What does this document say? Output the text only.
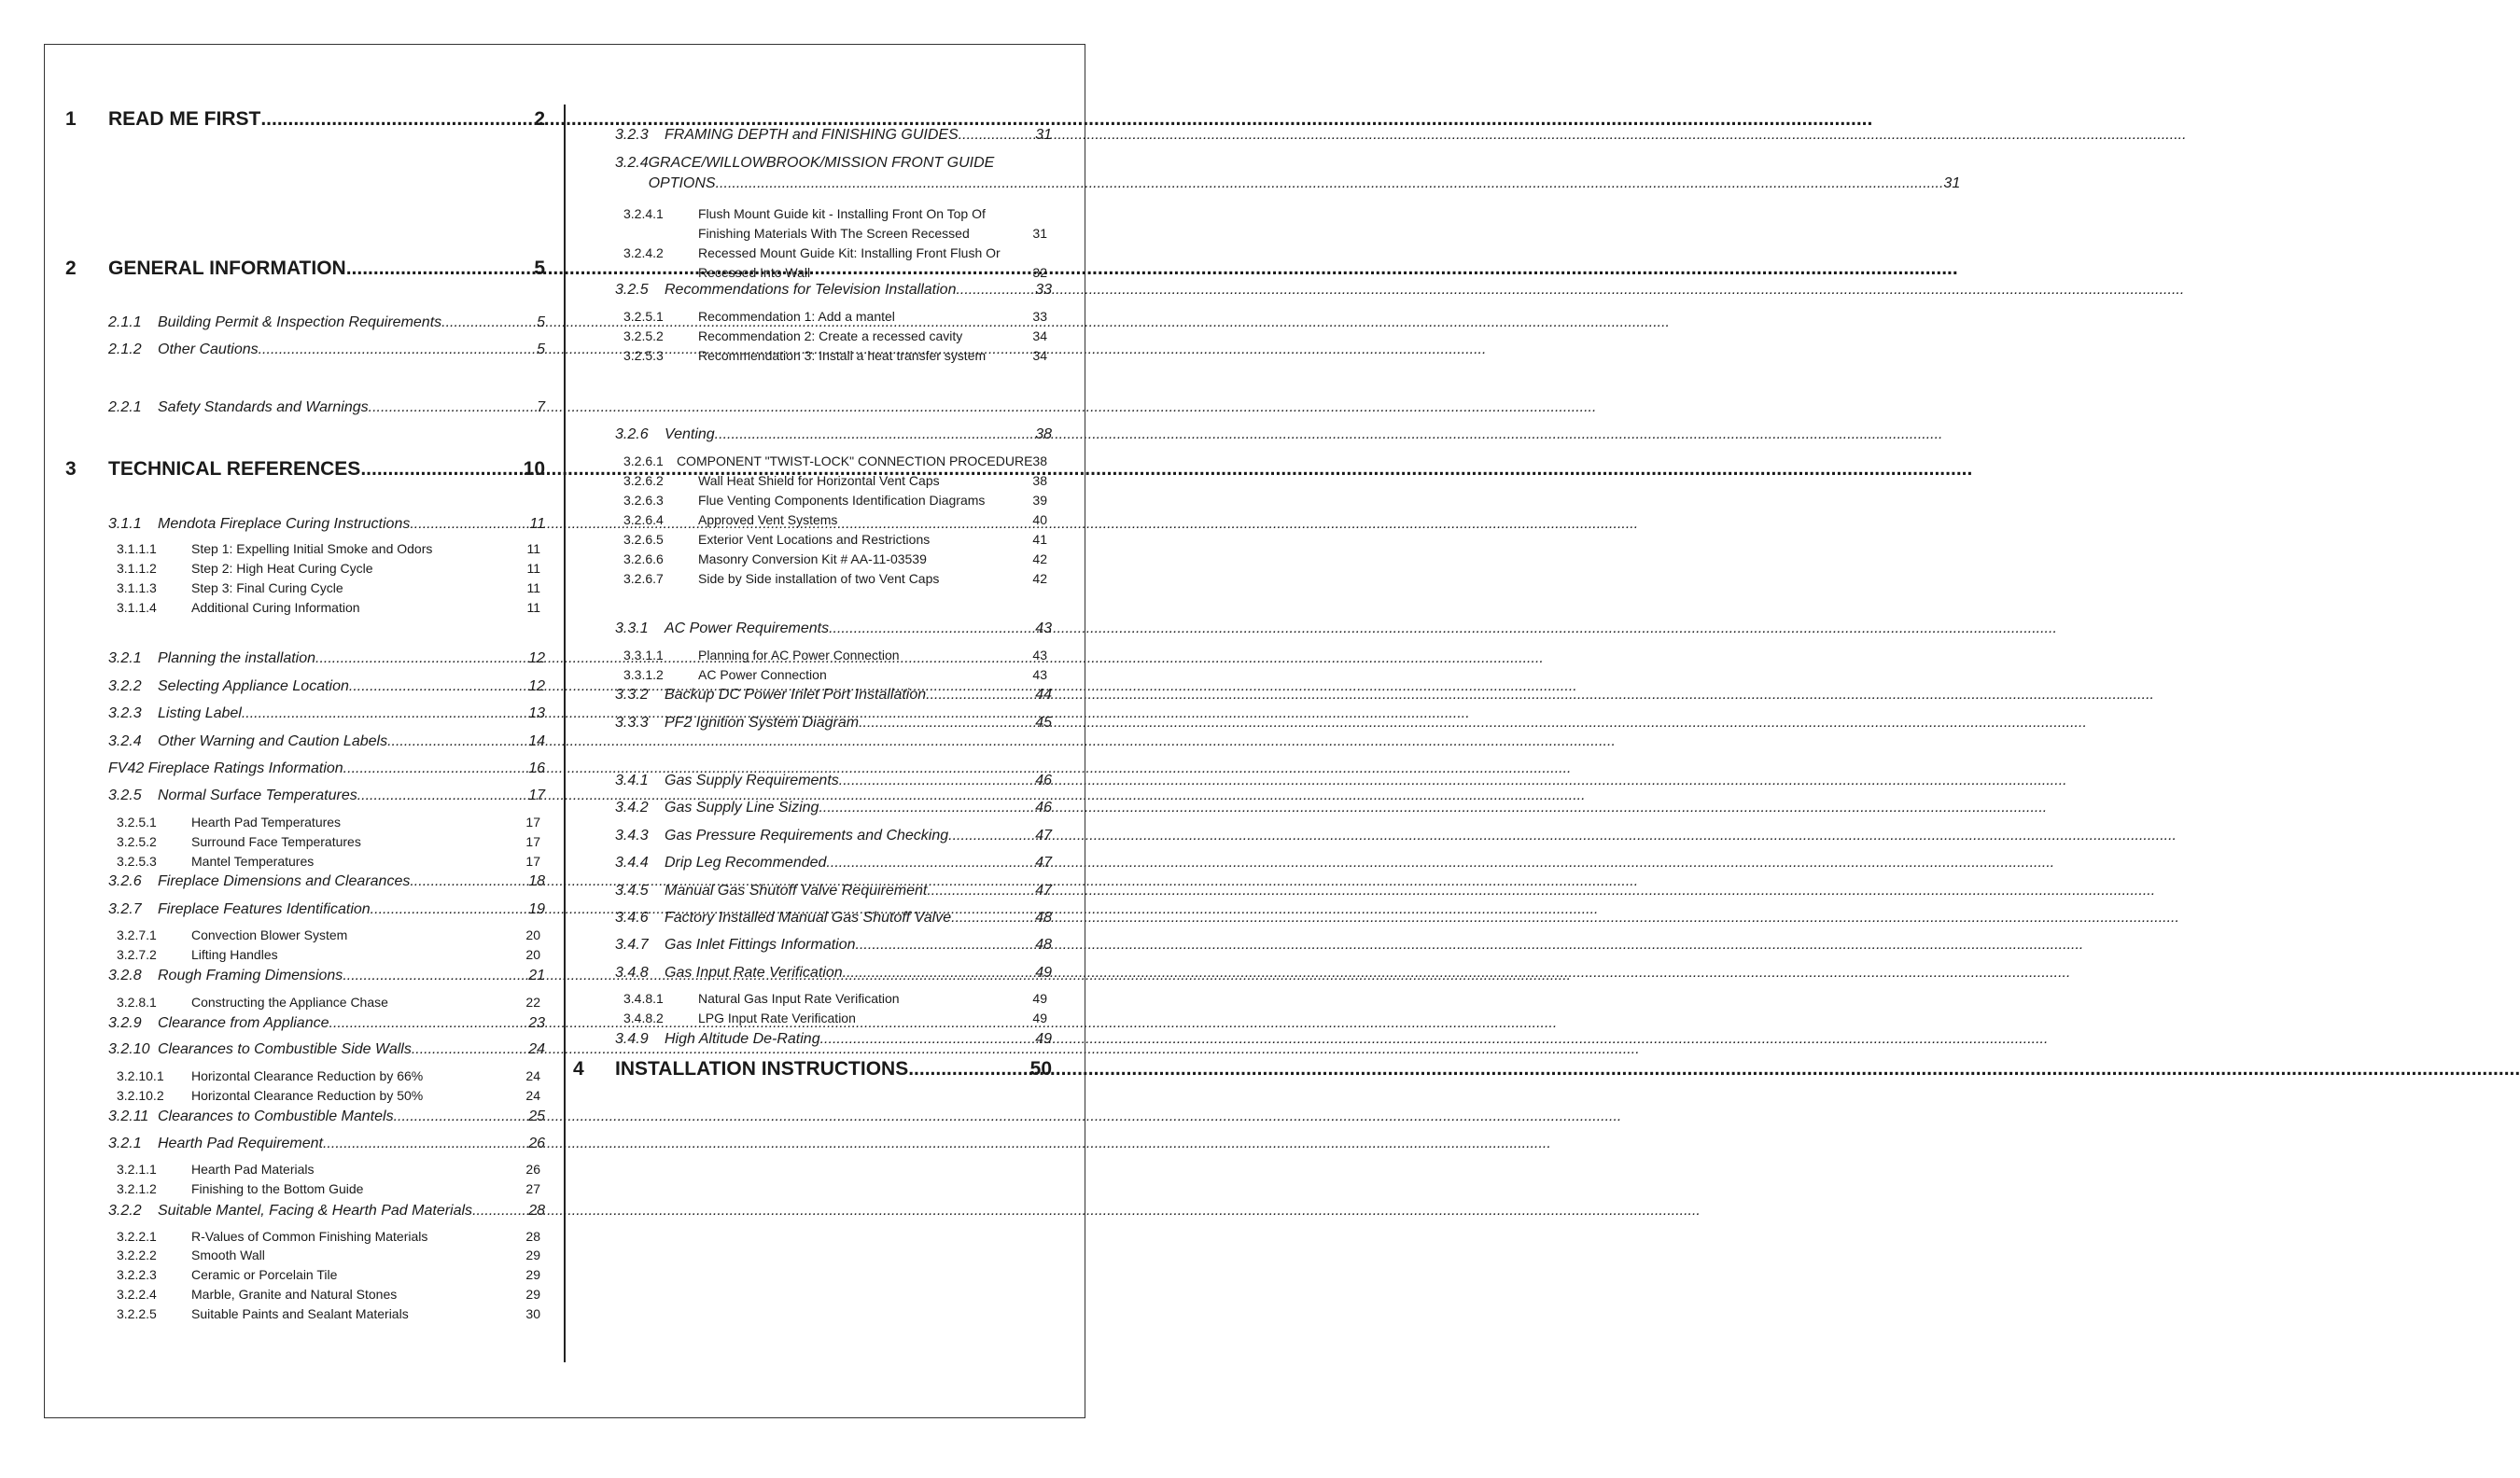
1 READ ME FIRST .....	2
2 GENERAL INFORMATION .....	5
2.1.1	Building Permit & Inspection Requirements .....	5
2.1.2	Other Cautions .....	5
2.2.1	Safety Standards and Warnings .....	7
3 TECHNICAL REFERENCES .....	10
3.1.1	Mendota Fireplace Curing Instructions .....	11
3.1.1.1	Step 1: Expelling Initial Smoke and Odors	11
3.1.1.2	Step 2: High Heat Curing Cycle	11
3.1.1.3	Step 3: Final Curing Cycle	11
3.1.1.4	Additional Curing Information	11
3.2.1	Planning the installation .....	12
3.2.2	Selecting Appliance Location .....	12
3.2.3	Listing Label .....	13
3.2.4	Other Warning and Caution Labels .....	14
FV42 Fireplace Ratings Information .....	16
3.2.5	Normal Surface Temperatures .....	17
3.2.5.1	Hearth Pad Temperatures	17
3.2.5.2	Surround Face Temperatures	17
3.2.5.3	Mantel Temperatures	17
3.2.6	Fireplace Dimensions and Clearances .....	18
3.2.7	Fireplace Features Identification .....	19
3.2.7.1	Convection Blower System	20
3.2.7.2	Lifting Handles	20
3.2.8	Rough Framing Dimensions .....	21
3.2.8.1	Constructing the Appliance Chase	22
3.2.9	Clearance from Appliance .....	23
3.2.10 Clearances to Combustible Side Walls .....	24
3.2.10.1	Horizontal Clearance Reduction by 66%	24
3.2.10.2	Horizontal Clearance Reduction by 50%	24
3.2.11 Clearances to Combustible Mantels .....	25
3.2.1	Hearth Pad Requirement .....	26
3.2.1.1	Hearth Pad Materials	26
3.2.1.2	Finishing to the Bottom Guide	27
3.2.2	Suitable Mantel, Facing & Hearth Pad Materials .....	28
3.2.2.1	R-Values of Common Finishing Materials	28
3.2.2.2	Smooth Wall	29
3.2.2.3	Ceramic or Porcelain Tile	29
3.2.2.4	Marble, Granite and Natural Stones	29
3.2.2.5	Suitable Paints and Sealant Materials	30
3.2.3	FRAMING DEPTH and FINISHING GUIDES .....	31
3.2.4 GRACE/WILLOWBROOK/MISSION FRONT GUIDE
OPTIONS .....	31
3.2.4.1	Flush Mount Guide kit - Installing Front On Top Of
Finishing Materials With The Screen Recessed	31
3.2.4.2	Recessed Mount Guide Kit: Installing Front Flush Or
Recessed Into Wall	32
3.2.5	Recommendations for Television Installation .....	33
3.2.5.1	Recommendation 1: Add a mantel	33
3.2.5.2	Recommendation 2: Create a recessed cavity	34
3.2.5.3	Recommendation 3: Install a heat transfer system	34
3.2.6	Venting .....	38
3.2.6.1	COMPONENT "TWIST-LOCK" CONNECTION PROCEDURE 38
3.2.6.2	Wall Heat Shield for Horizontal Vent Caps	38
3.2.6.3	Flue Venting Components Identification Diagrams	39
3.2.6.4	Approved Vent Systems	40
3.2.6.5	Exterior Vent Locations and Restrictions	41
3.2.6.6	Masonry Conversion Kit # AA-11-03539	42
3.2.6.7	Side by Side installation of two Vent Caps	42
3.3.1	AC Power Requirements .....	43
3.3.1.1	Planning for AC Power Connection	43
3.3.1.2	AC Power Connection	43
3.3.2	Backup DC Power Inlet Port Installation .....	44
3.3.3	PF2 Ignition System Diagram .....	45
3.4.1	Gas Supply Requirements .....	46
3.4.2	Gas Supply Line Sizing .....	46
3.4.3	Gas Pressure Requirements and Checking .....	47
3.4.4	Drip Leg Recommended .....	47
3.4.5	Manual Gas Shutoff Valve Requirement .....	47
3.4.6	Factory Installed Manual Gas Shutoff Valve .....	48
3.4.7	Gas Inlet Fittings Information .....	48
3.4.8	Gas Input Rate Verification .....	49
3.4.8.1	Natural Gas Input Rate Verification	49
3.4.8.2	LPG Input Rate Verification	49
3.4.9	High Altitude De-Rating .....	49
4 INSTALLATION INSTRUCTIONS .....	50
